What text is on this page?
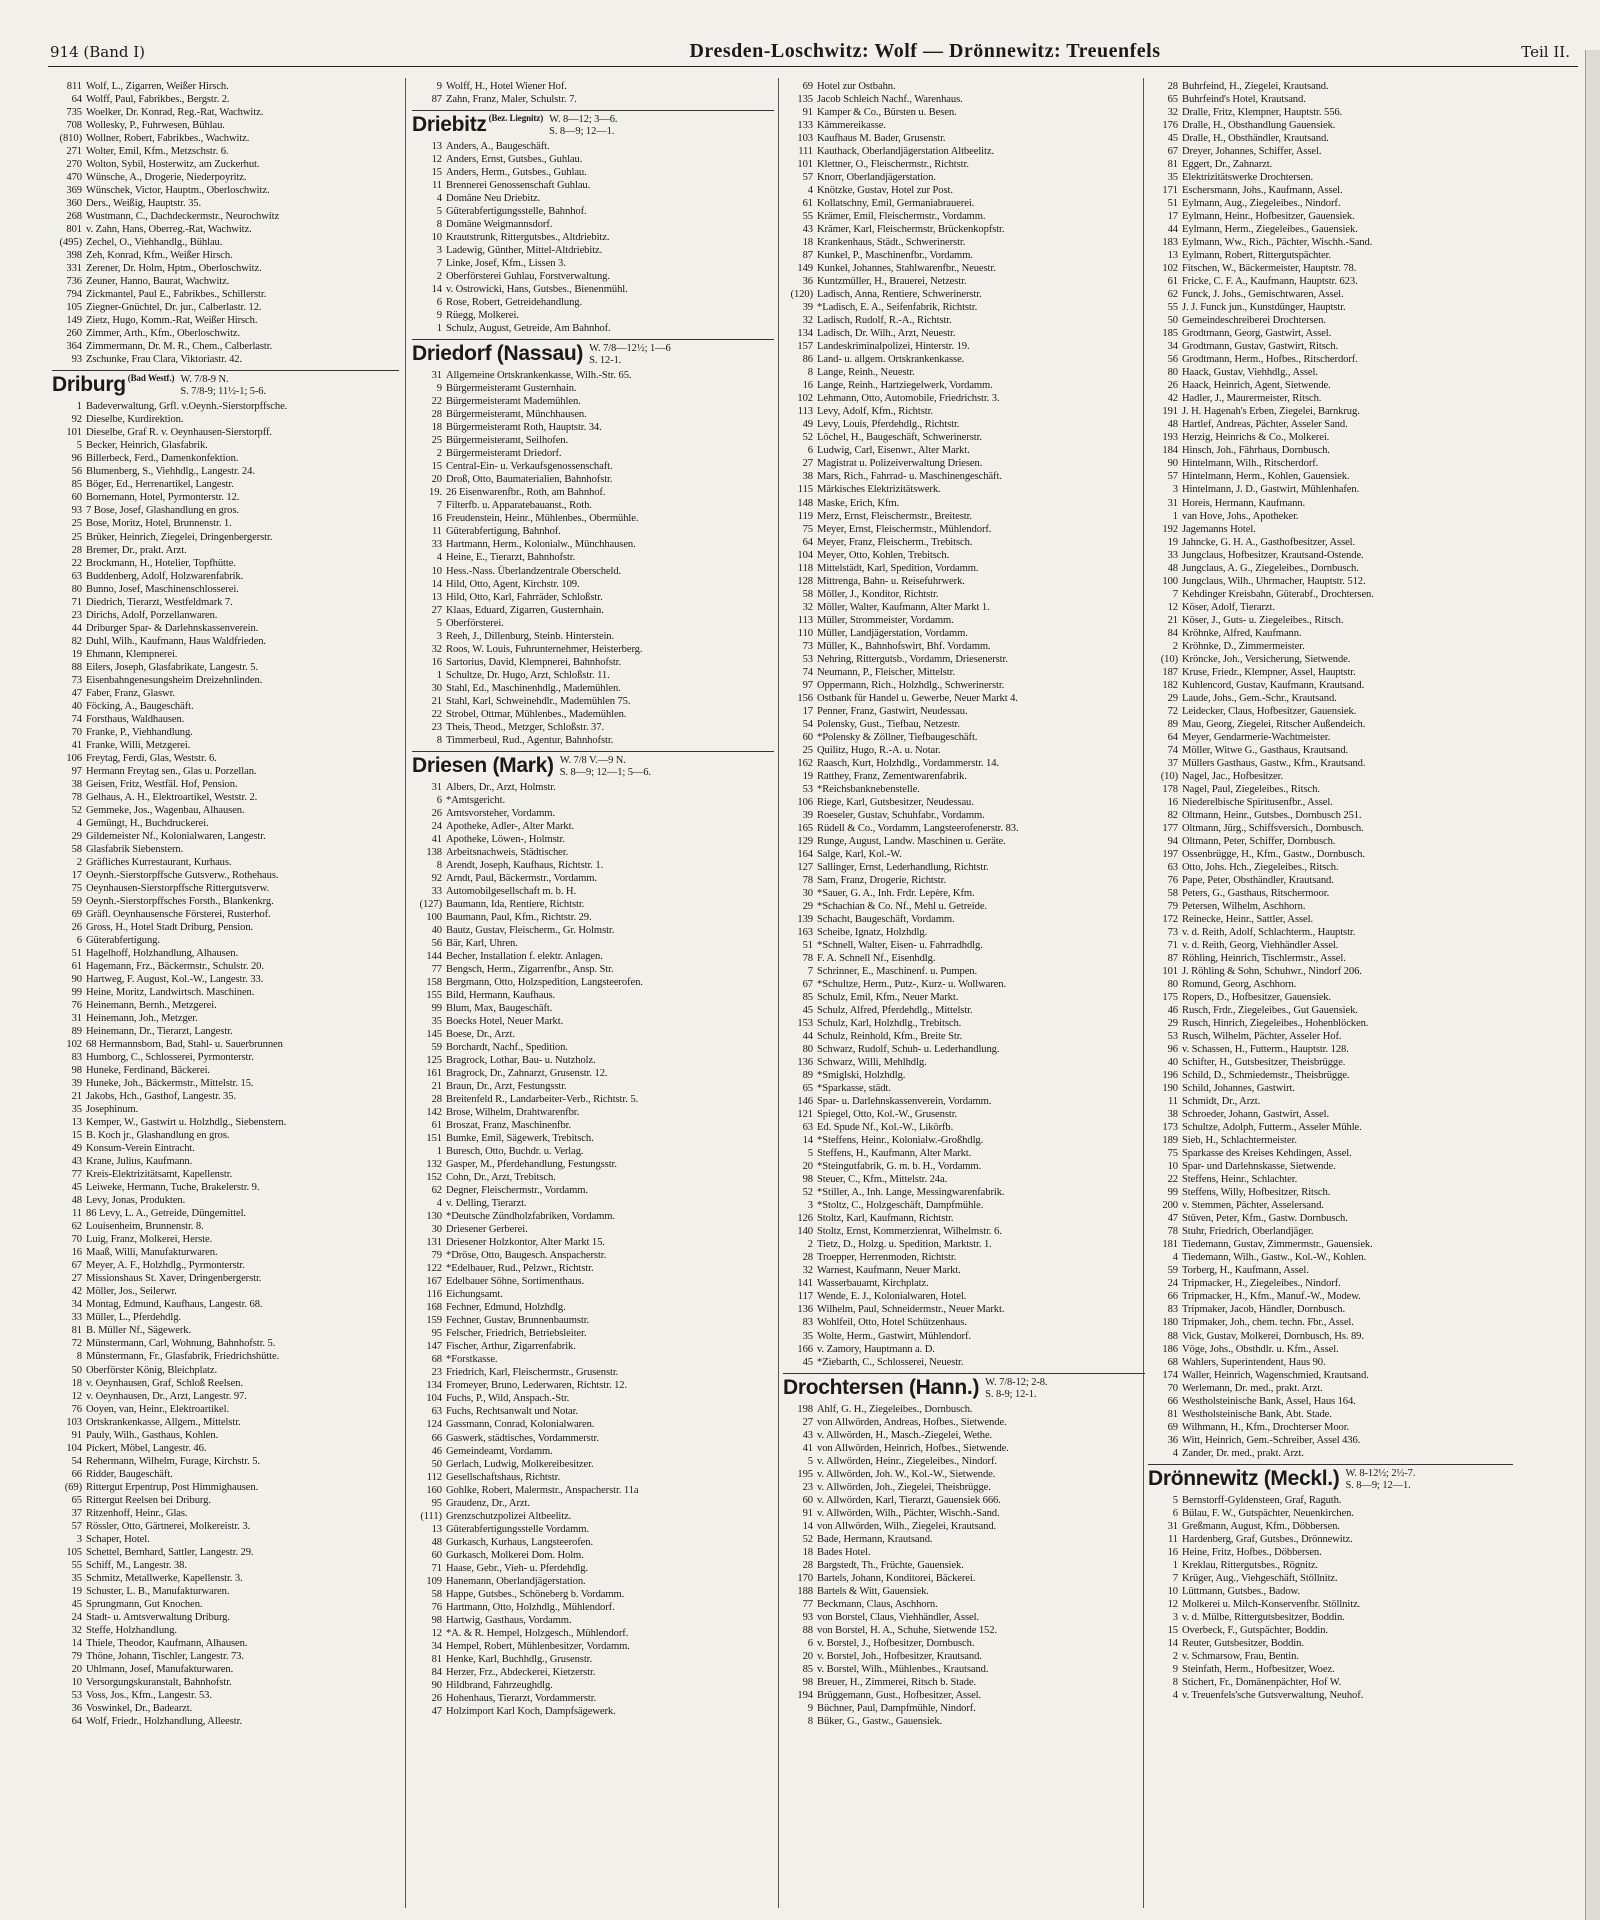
914 (Band I)	Dresden-Loschwitz: Wolf — Drönnewitz: Treuenfels	Teil II.
811 Wolf, L., Zigarren, Weißer Hirsch.
64 Wolff, Paul, Fabrikbes., Bergstr. 2.
735 Woelker, Dr. Konrad, Reg.-Rat, Wachwitz.
708 Wollesky, P., Fuhrwesen, Bühlau.
(810) Wollner, Robert, Fabrikbes., Wachwitz.
271 Wolter, Emil, Kfm., Metzschstr. 6.
270 Wolton, Sybil, Hosterwitz, am Zuckerhut.
470 Wünsche, A., Drogerie, Niederpoyritz.
369 Wünschek, Victor, Hauptm., Oberloschwitz.
360 Ders., Weißig, Hauptstr. 35.
268 Wustmann, C., Dachdeckermstr., Neurochwitz
801 v. Zahn, Hans, Oberreg.-Rat, Wachwitz.
(495) Zechel, O., Viehhandlg., Bühlau.
398 Zeh, Konrad, Kfm., Weißer Hirsch.
331 Zerener, Dr. Holm, Hptm., Oberloschwitz.
736 Zeuner, Hanno, Baurat, Wachwitz.
794 Zickmantel, Paul E., Fabrikbes., Schillerstr.
105 Ziegner-Gnüchtel, Dr. jur., Calberlastr. 12.
149 Zietz, Hugo, Komm.-Rat, Weißer Hirsch.
260 Zimmer, Arth., Kfm., Oberloschwitz.
364 Zimmermann, Dr. M. R., Chem., Calberlastr.
93 Zschunke, Frau Clara, Viktoriastr. 42.
Driburg (Bad Westf.) W. 7/8-9 N.
S. 7/8-9; 11½-1; 5-6.
1 Badeverwaltung, Grfl. v.Oeynh.-Sierstorpffsche.
92 Dieselbe, Kurdirektion.
101 Dieselbe, Graf R. v. Oeynhausen-Sierstorpff.
5 Becker, Heinrich, Glasfabrik.
96 Billerbeck, Ferd., Damenkonfektion.
56 Blumenberg, S., Viehhdlg., Langestr. 24.
85 Böger, Ed., Herrenartikel, Langestr.
60 Bornemann, Hotel, Pyrmonterstr. 12.
93 7 Bose, Josef, Glashandlung en gros.
25 Bose, Moritz, Hotel, Brunnenstr. 1.
25 Brüker, Heinrich, Ziegelei, Dringenbergerstr.
28 Bremer, Dr., prakt. Arzt.
22 Brockmann, H., Hotelier, Topfhütte.
63 Buddenberg, Adolf, Holzwarenfabrik.
80 Bunno, Josef, Maschinenschlosserei.
71 Diedrich, Tierarzt, Westfeldmark 7.
23 Dirichs, Adolf, Porzellanwaren.
44 Driburger Spar- & Darlehnskassenverein.
82 Duhl, Wilh., Kaufmann, Haus Waldfrieden.
19 Ehmann, Klempnerei.
88 Eilers, Joseph, Glasfabrikate, Langestr. 5.
73 Eisenbahngenesungsheim Dreizehnlinden.
47 Faber, Franz, Glaswr.
40 Föcking, A., Baugeschäft.
74 Forsthaus, Waldhausen.
70 Franke, P., Viehhandlung.
41 Franke, Willi, Metzgerei.
106 Freytag, Ferdi, Glas, Weststr. 6.
97 Hermann Freytag sen., Glas u. Porzellan.
38 Geisen, Fritz, Westfäl. Hof, Pension.
78 Gelhaus, A. H., Elektroartikel, Weststr. 2.
52 Gemmeke, Jos., Wagenbau, Alhausen.
4 Gemüngt, H., Buchdruckerei.
29 Gildemeister Nf., Kolonialwaren, Langestr.
58 Glasfabrik Siebenstern.
2 Gräfliches Kurrestaurant, Kurhaus.
17 Oeynh.-Sierstorpffsche Gutsverw., Rothehaus.
75 Oeynhausen-Sierstorpffsche Rittergutsverw.
59 Oeynh.-Sierstorpffsches Forsth., Blankenkrg.
69 Gräfl. Oeynhausensche Försterei, Rusterhof.
26 Gross, H., Hotel Stadt Driburg, Pension.
6 Güterabfertigung.
51 Hagelhoff, Holzhandlung, Alhausen.
61 Hagemann, Frz., Bäckermstr., Schulstr. 20.
90 Hartweg, F. August, Kol.-W., Langestr. 33.
99 Heine, Moritz, Landwirtsch. Maschinen.
76 Heinemann, Bernh., Metzgerei.
31 Heinemann, Joh., Metzger.
89 Heinemann, Dr., Tierarzt, Langestr.
102 68 Hermannsborn, Bad, Stahl- u. Sauerbrunnen
83 Humborg, C., Schlosserei, Pyrmonterstr.
98 Huneke, Ferdinand, Bäckerei.
39 Huneke, Joh., Bäckermstr., Mittelstr. 15.
21 Jakobs, Hch., Gasthof, Langestr. 35.
35 Josephinum.
13 Kemper, W., Gastwirt u. Holzhdlg., Siebenstern.
15 B. Koch jr., Glashandlung en gros.
49 Konsum-Verein Eintracht.
43 Krane, Julius, Kaufmann.
77 Kreis-Elektrizitätsamt, Kapellenstr.
45 Leiweke, Hermann, Tuche, Brakelerstr. 9.
48 Levy, Jonas, Produkten.
11 86 Levy, L. A., Getreide, Düngemittel.
62 Louisenheim, Brunnenstr. 8.
70 Luig, Franz, Molkerei, Herste.
16 Maaß, Willi, Manufakturwaren.
67 Meyer, A. F., Holzhdlg., Pyrmonterstr.
27 Missionshaus St. Xaver, Dringenbergerstr.
42 Möller, Jos., Seilerwr.
34 Montag, Edmund, Kaufhaus, Langestr. 68.
33 Müller, L., Pferdehdlg.
81 B. Müller Nf., Sägewerk.
72 Münstermann, Carl, Wohnung, Bahnhofstr. 5.
8 Münstermann, Fr., Glasfabrik, Friedrichshütte.
50 Oberförster König, Bleichplatz.
18 v. Oeynhausen, Graf, Schloß Reelsen.
12 v. Oeynhausen, Dr., Arzt, Langestr. 97.
76 Ooyen, van, Heinr., Elektroartikel.
103 Ortskrankenkasse, Allgem., Mittelstr.
91 Pauly, Wilh., Gasthaus, Kohlen.
104 Pickert, Möbel, Langestr. 46.
54 Rehermann, Wilhelm, Furage, Kirchstr. 5.
66 Ridder, Baugeschäft.
(69) Rittergut Erpentrup, Post Himmighausen.
65 Rittergut Reelsen bei Driburg.
37 Ritzenhoff, Heinr., Glas.
57 Rössler, Otto, Gärtnerei, Molkereistr. 3.
3 Schaper, Hotel.
105 Schettel, Bernhard, Sattler, Langestr. 29.
55 Schiff, M., Langestr. 38.
35 Schmitz, Metallwerke, Kapellenstr. 3.
19 Schuster, L. B., Manufakturwaren.
45 Sprungmann, Gut Knochen.
24 Stadt- u. Amtsverwaltung Driburg.
32 Steffe, Holzhandlung.
14 Thiele, Theodor, Kaufmann, Alhausen.
79 Thöne, Johann, Tischler, Langestr. 73.
20 Uhlmann, Josef, Manufakturwaren.
10 Versorgungskuranstalt, Bahnhofstr.
53 Voss, Jos., Kfm., Langestr. 53.
36 Voswinkel, Dr., Badearzt.
64 Wolf, Friedr., Holzhandlung, Alleestr.
9 Wolff, H., Hotel Wiener Hof.
87 Zahn, Franz, Maler, Schulstr. 7.
Driebitz (Bez. Liegnitz) W. 8—12; 3—6.
S. 8—9; 12—1.
13 Anders, A., Baugeschäft.
12 Anders, Ernst, Gutsbes., Guhlau.
15 Anders, Herm., Gutsbes., Guhlau.
11 Brennerei Genossenschaft Guhlau.
4 Domäne Neu Driebitz.
5 Güterabfertigungsstelle, Bahnhof.
8 Domäne Weigmannsdorf.
10 Krautstrunk, Rittergutsbes., Altdriebitz.
3 Ladewig, Günther, Mittel-Altdriebitz.
7 Linke, Josef, Kfm., Lissen 3.
2 Oberförsterei Guhlau, Forstverwaltung.
14 v. Ostrowicki, Hans, Gutsbes., Bienenmühl.
6 Rose, Robert, Getreidehandlung.
9 Rüegg, Molkerei.
1 Schulz, August, Getreide, Am Bahnhof.
Driedorf (Nassau) W. 7/8—12½; 1—6
S. 12-1.
31 Allgemeine Ortskrankenkasse, Wilh.-Str. 65.
9 Bürgermeisteramt Gusternhain.
22 Bürgermeisteramt Mademühlen.
28 Bürgermeisteramt, Münchhausen.
18 Bürgermeisteramt Roth, Hauptstr. 34.
25 Bürgermeisteramt, Seilhofen.
2 Bürgermeisteramt Driedorf.
15 Central-Ein- u. Verkaufsgenossenschaft.
20 Droß, Otto, Baumaterialien, Bahnhofstr.
19. 26 Eisenwarenfbr., Roth, am Bahnhof.
7 Filterfb. u. Apparatebauanst., Roth.
16 Freudenstein, Heinr., Mühlenbes., Obermühle.
11 Güterabfertigung, Bahnhof.
33 Hartmann, Herm., Kolonialw., Münchhausen.
4 Heine, E., Tierarzt, Bahnhofstr.
10 Hess.-Nass. Überlandzentrale Oberscheld.
14 Hild, Otto, Agent, Kirchstr. 109.
13 Hild, Otto, Karl, Fahrräder, Schloßstr.
27 Klaas, Eduard, Zigarren, Gusternhain.
5 Oberförsterei.
3 Reeh, J., Dillenburg, Steinb. Hinterstein.
32 Roos, W. Louis, Fuhrunternehmer, Heisterberg.
16 Sartorius, David, Klempnerei, Bahnhofstr.
1 Schultze, Dr. Hugo, Arzt, Schloßstr. 11.
30 Stahl, Ed., Maschinenhdlg., Mademühlen.
21 Stahl, Karl, Schweinehdlr., Mademühlen 75.
22 Strobel, Ottmar, Mühlenbes., Mademühlen.
23 Theis, Theod., Metzger, Schloßstr. 37.
8 Timmerbeul, Rud., Agentur, Bahnhofstr.
Driesen (Mark) W. 7/8 V.—9 N.
S. 8—9; 12—1; 5—6.
31 Albers, Dr., Arzt, Holmstr.
6 *Amtsgericht.
26 Amtsvorsteher, Vordamm.
24 Apotheke, Adler-, Alter Markt.
41 Apotheke, Löwen-, Holmstr.
138 Arbeitsnachweis, Städtischer.
8 Arendt, Joseph, Kaufhaus, Richtstr. 1.
92 Arndt, Paul, Bäckermstr., Vordamm.
33 Automobilgesellschaft m. b. H.
(127) Baumann, Ida, Rentiere, Richtstr.
100 Baumann, Paul, Kfm., Richtstr. 29.
40 Bautz, Gustav, Fleischerm., Gr. Holmstr.
56 Bär, Karl, Uhren.
144 Becher, Installation f. elektr. Anlagen.
77 Bengsch, Herm., Zigarrenfbr., Ansp. Str.
158 Bergmann, Otto, Holzspedition, Langsteerofen.
155 Bild, Hermann, Kaufhaus.
99 Blum, Max, Baugeschäft.
35 Boecks Hotel, Neuer Markt.
145 Boese, Dr., Arzt.
59 Borchardt, Nachf., Spedition.
125 Bragrock, Lothar, Bau- u. Nutzholz.
161 Bragrock, Dr., Zahnarzt, Grusenstr. 12.
21 Braun, Dr., Arzt, Festungsstr.
28 Breitenfeld R., Landarbeiter-Verb., Richtstr. 5.
142 Brose, Wilhelm, Drahtwarenfbr.
61 Broszat, Franz, Maschinenfbr.
151 Bumke, Emil, Sägewerk, Trebitsch.
1 Buresch, Otto, Buchdr. u. Verlag.
132 Gasper, M., Pferdehandlung, Festungsstr.
152 Cohn, Dr., Arzt, Trebitsch.
62 Degner, Fleischermstr., Vordamm.
4 v. Delling, Tierarzt.
130 *Deutsche Zündholzfabriken, Vordamm.
30 Driesener Gerberei.
131 Driesener Holzkontor, Alter Markt 15.
79 *Dröse, Otto, Baugesch. Anspacherstr.
122 *Edelbauer, Rud., Pelzwr., Richtstr.
167 Edelbauer Söhne, Sortimenthaus.
116 Eichungsamt.
168 Fechner, Edmund, Holzhdlg.
159 Fechner, Gustav, Brunnenbaumstr.
95 Felscher, Friedrich, Betriebsleiter.
147 Fischer, Arthur, Zigarrenfabrik.
68 *Forstkasse.
23 Friedrich, Karl, Fleischermstr., Grusenstr.
134 Fromeyer, Bruno, Lederwaren, Richtstr. 12.
104 Fuchs, P., Wild, Anspach.-Str.
63 Fuchs, Rechtsanwalt und Notar.
124 Gassmann, Conrad, Kolonialwaren.
66 Gaswerk, städtisches, Vordammerstr.
46 Gemeindeamt, Vordamm.
50 Gerlach, Ludwig, Molkereibesitzer.
112 Gesellschaftshaus, Richtstr.
160 Gohlke, Robert, Malermstr., Anspacherstr. 11a
95 Graudenz, Dr., Arzt.
(111) Grenzschutzpolizei Altbeelitz.
13 Güterabfertigungsstelle Vordamm.
48 Gurkasch, Kurhaus, Langsteerofen.
60 Gurkasch, Molkerei Dom. Holm.
71 Haase, Gebr., Vieh- u. Pferdehdlg.
109 Hanemann, Oberlandjägerstation.
58 Happe, Gutsbes., Schöneberg b. Vordamm.
76 Hartmann, Otto, Holzhdlg., Mühlendorf.
98 Hartwig, Gasthaus, Vordamm.
12 *A. & R. Hempel, Holzgesch., Mühlendorf.
34 Hempel, Robert, Mühlenbesitzer, Vordamm.
81 Henke, Karl, Buchhdlg., Grusenstr.
84 Herzer, Frz., Abdeckerei, Kietzerstr.
90 Hildbrand, Fahrzeughdlg.
26 Hohenhaus, Tierarzt, Vordammerstr.
47 Holzimport Karl Koch, Dampfsägewerk.
69 Hotel zur Ostbahn.
135 Jacob Schleich Nachf., Warenhaus.
91 Kamper & Co., Bürsten u. Besen.
133 Kämmereikasse.
103 Kaufhaus M. Bader, Grusenstr.
111 Kauthack, Oberlandjägerstation Altbeelitz.
101 Klettner, O., Fleischermstr., Richtstr.
57 Knorr, Oberlandjägerstation.
4 Knötzke, Gustav, Hotel zur Post.
61 Kollatschny, Emil, Germaniabrauerei.
55 Krämer, Emil, Fleischermstr., Vordamm.
43 Krämer, Karl, Fleischermstr, Brückenkopfstr.
18 Krankenhaus, Städt., Schwerinerstr.
87 Kunkel, P., Maschinenfbr., Vordamm.
149 Kunkel, Johannes, Stahlwarenfbr., Neuestr.
36 Kuntzmüller, H., Brauerei, Netzestr.
(120) Ladisch, Anna, Rentiere, Schwerinerstr.
39 *Ladisch, E. A., Seifenfabrik, Richtstr.
32 Ladisch, Rudolf, R.-A., Richtstr.
134 Ladisch, Dr. Wilh., Arzt, Neuestr.
157 Landeskriminalpolizei, Hinterstr. 19.
86 Land- u. allgem. Ortskrankenkasse.
8 Lange, Reinh., Neuestr.
16 Lange, Reinh., Hartziegelwerk, Vordamm.
102 Lehmann, Otto, Automobile, Friedrichstr. 3.
113 Levy, Adolf, Kfm., Richtstr.
49 Levy, Louis, Pferdehdlg., Richtstr.
52 Löchel, H., Baugeschäft, Schwerinerstr.
6 Ludwig, Carl, Eisenwr., Alter Markt.
27 Magistrat u. Polizeiverwaltung Driesen.
38 Mars, Rich., Fahrrad- u. Maschinengeschäft.
115 Märkisches Elektrizitätswerk.
148 Maske, Erich, Kfm.
119 Merz, Ernst, Fleischermstr., Breitestr.
75 Meyer, Ernst, Fleischermstr., Mühlendorf.
64 Meyer, Franz, Fleischerm., Trebitsch.
104 Meyer, Otto, Kohlen, Trebitsch.
118 Mittelstädt, Karl, Spedition, Vordamm.
128 Mittrenga, Bahn- u. Reisefuhrwerk.
58 Möller, J., Konditor, Richtstr.
32 Möller, Walter, Kaufmann, Alter Markt 1.
113 Müller, Strommeister, Vordamm.
110 Müller, Landjägerstation, Vordamm.
73 Müller, K., Bahnhofswirt, Bhf. Vordamm.
53 Nehring, Rittergutsb., Vordamm, Driesenerstr.
74 Neumann, P., Fleischer, Mittelstr.
97 Oppermann, Rich., Holzhdlg., Schwerinerstr.
156 Ostbank für Handel u. Gewerbe, Neuer Markt 4.
17 Penner, Franz, Gastwirt, Neudessau.
54 Polensky, Gust., Tiefbau, Netzestr.
60 *Polensky & Zöllner, Tiefbaugeschäft.
25 Quilitz, Hugo, R.-A. u. Notar.
162 Raasch, Kurt, Holzhdlg., Vordammerstr. 14.
19 Ratthey, Franz, Zementwarenfabrik.
53 *Reichsbanknebenstelle.
106 Riege, Karl, Gutsbesitzer, Neudessau.
39 Roeseler, Gustav, Schuhfabr., Vordamm.
165 Rüdell & Co., Vordamm, Langsteerofenerstr. 83.
129 Runge, August, Landw. Maschinen u. Geräte.
164 Salge, Karl, Kol.-W.
127 Sallinger, Ernst, Lederhandlung, Richtstr.
78 Sam, Franz, Drogerie, Richtstr.
30 *Sauer, G. A., Inh. Frdr. Lepère, Kfm.
29 *Schachian & Co. Nf., Mehl u. Getreide.
139 Schacht, Baugeschäft, Vordamm.
163 Scheibe, Ignatz, Holzhdlg.
51 *Schnell, Walter, Eisen- u. Fahrradhdlg.
78 F. A. Schnell Nf., Eisenhdlg.
7 Schrinner, E., Maschinenf. u. Pumpen.
67 *Schultze, Herm., Putz-, Kurz- u. Wollwaren.
85 Schulz, Emil, Kfm., Neuer Markt.
45 Schulz, Alfred, Pferdehdlg., Mittelstr.
153 Schulz, Karl, Holzhdlg., Trebitsch.
44 Schulz, Reinhold, Kfm., Breite Str.
80 Schwarz, Rudolf, Schuh- u. Lederhandlung.
136 Schwarz, Willi, Mehlhdlg.
89 *Smiglski, Holzhdlg.
65 *Sparkasse, städt.
146 Spar- u. Darlehnskassenverein, Vordamm.
121 Spiegel, Otto, Kol.-W., Grusenstr.
63 Ed. Spude Nf., Kol.-W., Likörfb.
14 *Steffens, Heinr., Kolonialw.-Großhdlg.
5 Steffens, H., Kaufmann, Alter Markt.
20 *Steingutfabrik, G. m. b. H., Vordamm.
98 Steuer, C., Kfm., Mittelstr. 24a.
52 *Stiller, A., Inh. Lange, Messingwarenfabrik.
3 *Stoltz, C., Holzgeschäft, Dampfmühle.
126 Stoltz, Karl, Kaufmann, Richtstr.
140 Stoltz, Ernst, Kommerzienrat, Wilhelmstr. 6.
2 Tietz, D., Holzg. u. Spedition, Marktstr. 1.
28 Troepper, Herrenmoden, Richtstr.
32 Warnest, Kaufmann, Neuer Markt.
141 Wasserbauamt, Kirchplatz.
117 Wende, E. J., Kolonialwaren, Hotel.
136 Wilhelm, Paul, Schneidermstr., Neuer Markt.
83 Wohlfeil, Otto, Hotel Schützenhaus.
35 Wolte, Herm., Gastwirt, Mühlendorf.
166 v. Zamory, Hauptmann a. D.
45 *Ziebarth, C., Schlosserei, Neuestr.
Drochtersen (Hann.) W. 7/8-12; 2-8.
S. 8-9; 12-1.
198 Ahlf, G. H., Ziegeleibes., Dornbusch.
27 von Allwörden, Andreas, Hofbes., Sietwende.
43 v. Allwörden, H., Masch.-Ziegelei, Wethe.
41 von Allwörden, Heinrich, Hofbes., Sietwende.
5 v. Allwörden, Heinr., Ziegeleibes., Nindorf.
195 v. Allwörden, Joh. W., Kol.-W., Sietwende.
23 v. Allwörden, Joh., Ziegelei, Theisbrügge.
60 v. Allwörden, Karl, Tierarzt, Gauensiek 666.
91 v. Allwörden, Wilh., Pächter, Wischh.-Sand.
14 von Allwörden, Wilh., Ziegelei, Krautsand.
52 Bade, Hermann, Krautsand.
18 Bades Hotel.
28 Bargstedt, Th., Früchte, Gauensiek.
170 Bartels, Johann, Konditorei, Bäckerei.
188 Bartels & Witt, Gauensiek.
77 Beckmann, Claus, Aschhorn.
93 von Borstel, Claus, Viehhändler, Assel.
88 von Borstel, H. A., Schuhe, Sietwende 152.
6 v. Borstel, J., Hofbesitzer, Dornbusch.
20 v. Borstel, Joh., Hofbesitzer, Krautsand.
85 v. Borstel, Wilh., Mühlenbes., Krautsand.
98 Breuer, H., Zimmerei, Ritsch b. Stade.
194 Brüggemann, Gust., Hofbesitzer, Assel.
9 Büchner, Paul, Dampfmühle, Nindorf.
8 Büker, G., Gastw., Gauensiek.
28 Buhrfeind, H., Ziegelei, Krautsand.
65 Buhrfeind's Hotel, Krautsand.
32 Dralle, Fritz, Klempner, Hauptstr. 556.
176 Dralle, H., Obsthandlung Gauensiek.
45 Dralle, H., Obsthändler, Krautsand.
67 Dreyer, Johannes, Schiffer, Assel.
81 Eggert, Dr., Zahnarzt.
35 Elektrizitätswerke Drochtersen.
171 Eschersmann, Johs., Kaufmann, Assel.
51 Eylmann, Aug., Ziegeleibes., Nindorf.
17 Eylmann, Heinr., Hofbesitzer, Gauensiek.
44 Eylmann, Herm., Ziegeleibes., Gauensiek.
183 Eylmann, Ww., Rich., Pächter, Wischh.-Sand.
13 Eylmann, Robert, Rittergutspächter.
102 Fitschen, W., Bäckermeister, Hauptstr. 78.
61 Fricke, C. F. A., Kaufmann, Hauptstr. 623.
62 Funck, J. Johs., Gemischtwaren, Assel.
55 J. J. Funck jun., Kunstdünger, Hauptstr.
50 Gemeindeschreiberei Drochtersen.
185 Grodtmann, Georg, Gastwirt, Assel.
34 Grodtmann, Gustav, Gastwirt, Ritsch.
56 Grodtmann, Herm., Hofbes., Ritscherdorf.
80 Haack, Gustav, Viehhdlg., Assel.
26 Haack, Heinrich, Agent, Sietwende.
42 Hadler, J., Maurermeister, Ritsch.
191 J. H. Hagenah's Erben, Ziegelei, Barnkrug.
48 Hartlef, Andreas, Pächter, Asseler Sand.
193 Herzig, Heinrichs & Co., Molkerei.
184 Hinsch, Joh., Fährhaus, Dornbusch.
90 Hintelmann, Wilh., Ritscherdorf.
57 Hintelmann, Herm., Kohlen, Gauensiek.
3 Hintelmann, J. D., Gastwirt, Mühlenhafen.
31 Horeis, Hermann, Kaufmann.
1 van Hove, Johs., Apotheker.
192 Jagemanns Hotel.
19 Jahncke, G. H. A., Gasthofbesitzer, Assel.
33 Jungclaus, Hofbesitzer, Krautsand-Ostende.
48 Jungclaus, A. G., Ziegeleibes., Dornbusch.
100 Jungclaus, Wilh., Uhrmacher, Hauptstr. 512.
7 Kehdinger Kreisbahn, Güterabf., Drochtersen.
12 Köser, Adolf, Tierarzt.
21 Köser, J., Guts- u. Ziegeleibes., Ritsch.
84 Kröhnke, Alfred, Kaufmann.
2 Kröhnke, D., Zimmermeister.
(10) Kröncke, Joh., Versicherung, Sietwende.
187 Kruse, Friedr., Klempner, Assel, Hauptstr.
182 Kuhlencord, Gustav, Kaufmann, Krautsand.
29 Laude, Johs., Gem.-Schr., Krautsand.
72 Leidecker, Claus, Hofbesitzer, Gauensiek.
89 Mau, Georg, Ziegelei, Ritscher Außendeich.
64 Meyer, Gendarmerie-Wachtmeister.
74 Möller, Witwe G., Gasthaus, Krautsand.
37 Müllers Gasthaus, Gastw., Kfm., Krautsand.
(10) Nagel, Jac., Hofbesitzer.
178 Nagel, Paul, Ziegeleibes., Ritsch.
16 Niederelbische Spiritusenfbr., Assel.
82 Oltmann, Heinr., Gutsbes., Dornbusch 251.
177 Oltmann, Jürg., Schiffsversich., Dornbusch.
94 Oltmann, Peter, Schiffer, Dornbusch.
197 Ossenbrügge, H., Kfm., Gastw., Dornbusch.
63 Otto, Johs. Hch., Ziegeleibes., Ritsch.
76 Pape, Peter, Obsthändler, Krautsand.
58 Peters, G., Gasthaus, Ritschermoor.
79 Petersen, Wilhelm, Aschhorn.
172 Reinecke, Heinr., Sattler, Assel.
73 v. d. Reith, Adolf, Schlachterm., Hauptstr.
71 v. d. Reith, Georg, Viehhändler Assel.
87 Röhling, Heinrich, Tischlermstr., Assel.
101 J. Röhling & Sohn, Schuhwr., Nindorf 206.
80 Romund, Georg, Aschhorn.
175 Ropers, D., Hofbesitzer, Gauensiek.
46 Rusch, Frdr., Ziegeleibes., Gut Gauensiek.
29 Rusch, Hinrich, Ziegeleibes., Hohenblöcken.
53 Rusch, Wilhelm, Pächter, Asseler Hof.
96 v. Schassen, H., Futterm., Hauptstr. 128.
40 Schifter, H., Gutsbesitzer, Theisbrügge.
196 Schild, D., Schmiedemstr., Theisbrügge.
190 Schild, Johannes, Gastwirt.
11 Schmidt, Dr., Arzt.
38 Schroeder, Johann, Gastwirt, Assel.
173 Schultze, Adolph, Futterm., Asseler Mühle.
189 Sieb, H., Schlachtermeister.
75 Sparkasse des Kreises Kehdingen, Assel.
10 Spar- und Darlehnskasse, Sietwende.
22 Steffens, Heinr., Schlachter.
99 Steffens, Willy, Hofbesitzer, Ritsch.
200 v. Stemmen, Pächter, Asselersand.
47 Stüven, Peter, Kfm., Gastw. Dornbusch.
78 Stuhr, Friedrich, Oberlandjäger.
181 Tiedemann, Gustav, Zimmermstr., Gauensiek.
4 Tiedemann, Wilh., Gastw., Kol.-W., Kohlen.
59 Torberg, H., Kaufmann, Assel.
24 Tripmacker, H., Ziegeleibes., Nindorf.
66 Tripmacker, H., Kfm., Manuf.-W., Modew.
83 Tripmaker, Jacob, Händler, Dornbusch.
180 Tripmaker, Joh., chem. techn. Fbr., Assel.
88 Vick, Gustav, Molkerei, Dornbusch, Hs. 89.
186 Vöge, Johs., Obsthdlr. u. Kfm., Assel.
68 Wahlers, Superintendent, Haus 90.
174 Waller, Heinrich, Wagenschmied, Krautsand.
70 Werlemann, Dr. med., prakt. Arzt.
66 Westholsteinische Bank, Assel, Haus 164.
81 Westholsteinische Bank, Abt. Stade.
69 Wilhmann, H., Kfm., Drochterser Moor.
36 Witt, Heinrich, Gem.-Schreiber, Assel 436.
4 Zander, Dr. med., prakt. Arzt.
Drönnewitz (Meckl.) W. 8-12½; 2½-7.
S. 8—9; 12—1.
5 Bernstorff-Gyldensteen, Graf, Raguth.
6 Bülau, F. W., Gutspächter, Neuenkirchen.
31 Greßmann, August, Kfm., Döbbersen.
11 Hardenberg, Graf, Gutsbes., Drönnewitz.
16 Heine, Fritz, Hofbes., Döbbersen.
1 Kreklau, Rittergutsbes., Rögnitz.
7 Krüger, Aug., Viehgeschäft, Stöllnitz.
10 Lüttmann, Gutsbes., Badow.
12 Molkerei u. Milch-Konservenfbr. Stöllnitz.
3 v. d. Mülbe, Rittergutsbesitzer, Boddin.
15 Overbeck, F., Gutspächter, Boddin.
14 Reuter, Gutsbesitzer, Boddin.
2 v. Schmarsow, Frau, Bentin.
9 Steinfath, Herm., Hofbesitzer, Woez.
8 Stichert, Fr., Domänenpächter, Hof W.
4 v. Treuenfels'sche Gutsverwaltung, Neuhof.
